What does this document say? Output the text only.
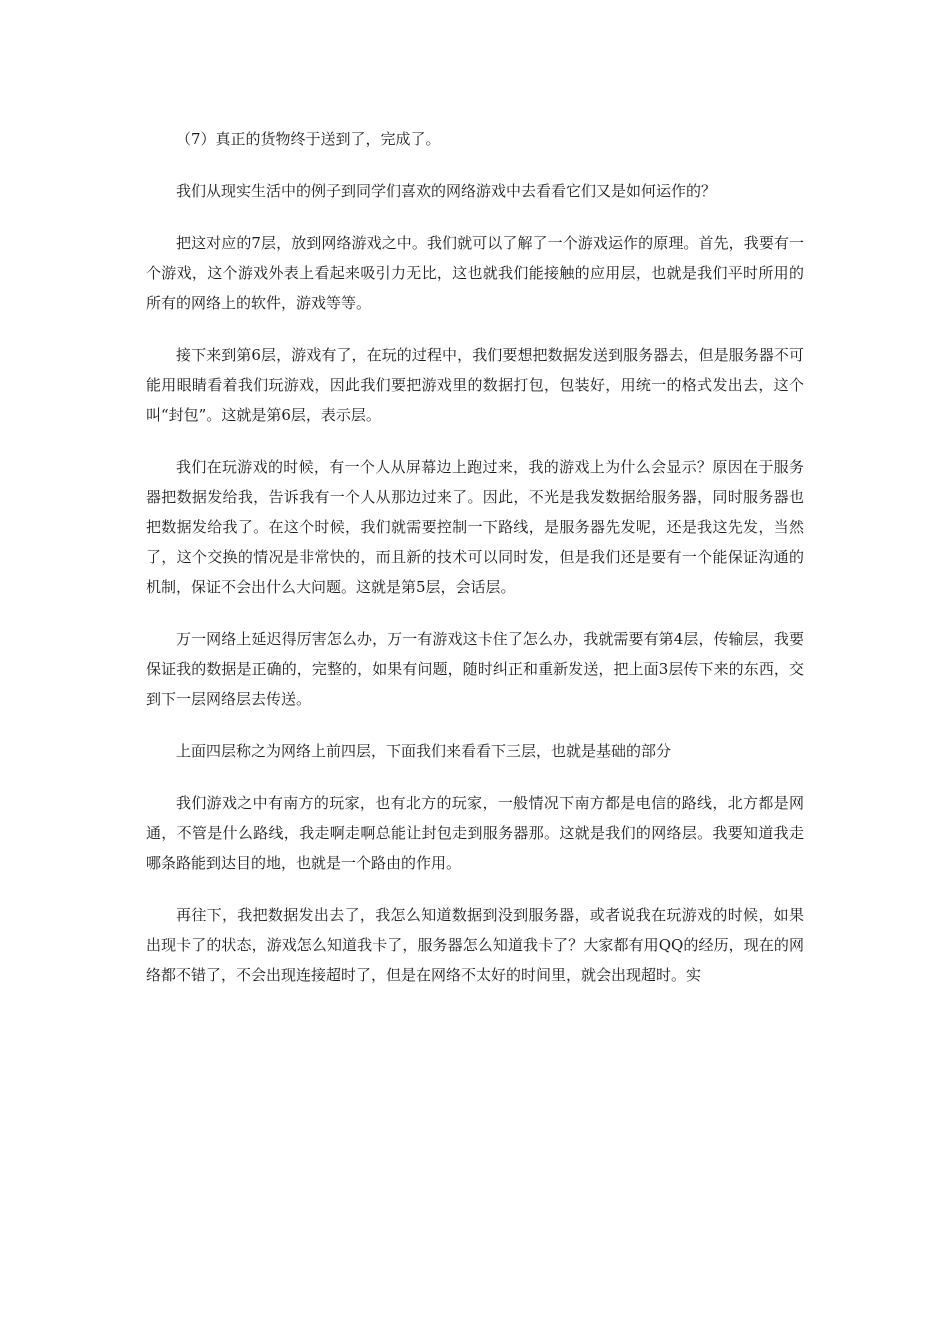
（7）真正的货物终于送到了，完成了。

我们从现实生活中的例子到同学们喜欢的网络游戏中去看看它们又是如何运作的？

把这对应的7层，放到网络游戏之中。我们就可以了解了一个游戏运作的原理。首先，我要有一个游戏，这个游戏外表上看起来吸引力无比，这也就我们能接触的应用层，也就是我们平时所用的所有的网络上的软件，游戏等等。

接下来到第6层，游戏有了，在玩的过程中，我们要想把数据发送到服务器去，但是服务器不可能用眼睛看着我们玩游戏，因此我们要把游戏里的数据打包，包装好，用统一的格式发出去，这个叫“封包”。这就是第6层，表示层。

我们在玩游戏的时候，有一个人从屏幕边上跑过来，我的游戏上为什么会显示？原因在于服务器把数据发给我，告诉我有一个人从那边过来了。因此，不光是我发数据给服务器，同时服务器也把数据发给我了。在这个时候，我们就需要控制一下路线，是服务器先发呢，还是我这先发，当然了，这个交换的情况是非常快的，而且新的技术可以同时发，但是我们还是要有一个能保证沟通的机制，保证不会出什么大问题。这就是第5层，会话层。

万一网络上延迟得厉害怎么办，万一有游戏这卡住了怎么办，我就需要有第4层，传输层，我要保证我的数据是正确的，完整的，如果有问题，随时纠正和重新发送，把上面3层传下来的东西，交到下一层网络层去传送。

上面四层称之为网络上前四层，下面我们来看看下三层，也就是基础的部分

我们游戏之中有南方的玩家，也有北方的玩家，一般情况下南方都是电信的路线，北方都是网通，不管是什么路线，我走啊走啊总能让封包走到服务器那。这就是我们的网络层。我要知道我走哪条路能到达目的地，也就是一个路由的作用。

再往下，我把数据发出去了，我怎么知道数据到没到服务器，或者说我在玩游戏的时候，如果出现卡了的状态，游戏怎么知道我卡了，服务器怎么知道我卡了？大家都有用QQ的经历，现在的网络都不错了，不会出现连接超时了，但是在网络不太好的时间里，就会出现超时。实
